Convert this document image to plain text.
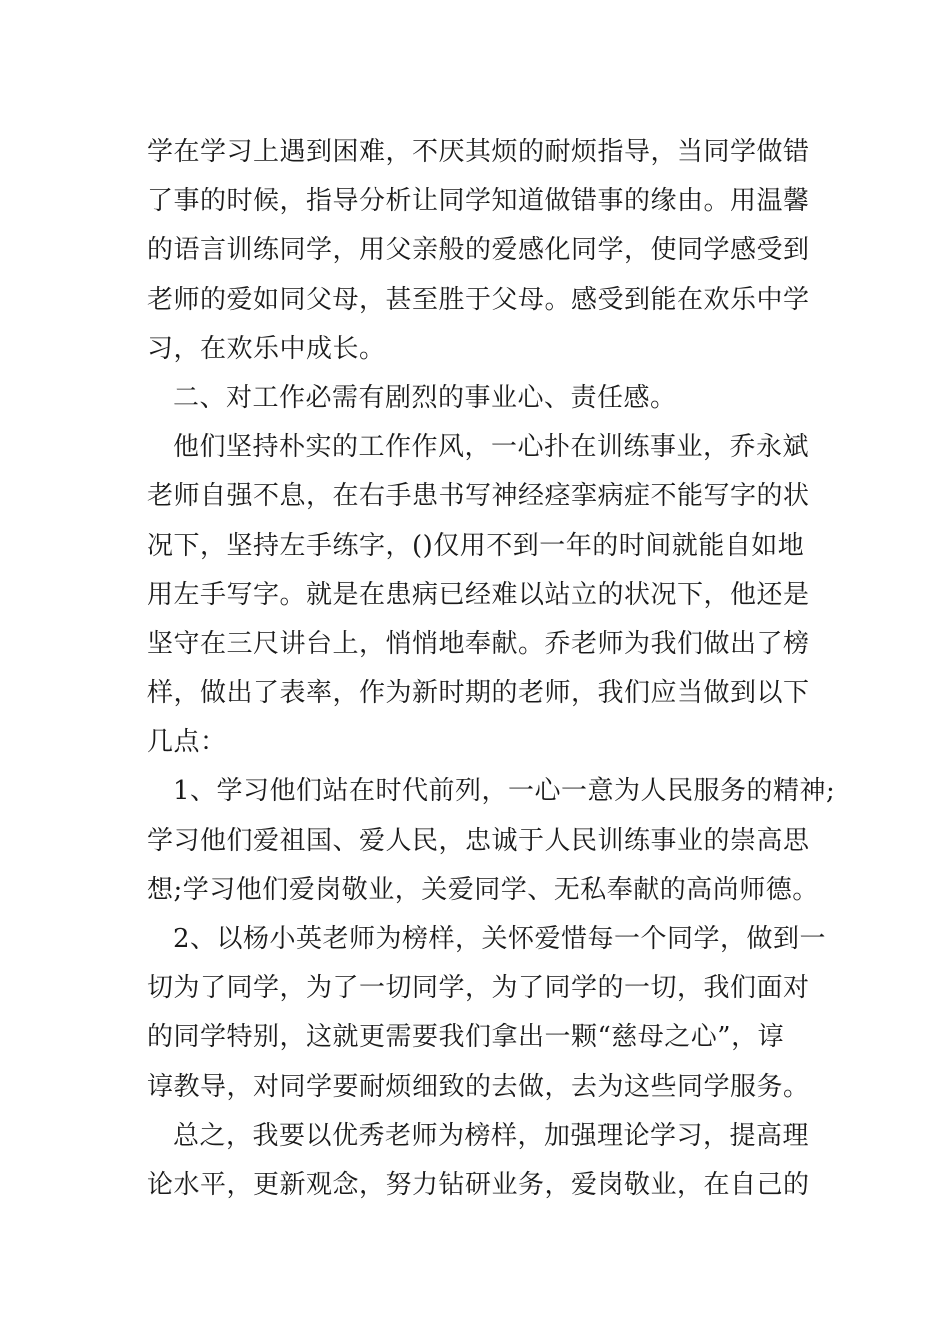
学在学习上遇到困难，不厌其烦的耐烦指导，当同学做错
了事的时候，指导分析让同学知道做错事的缘由。用温馨
的语言训练同学，用父亲般的爱感化同学，使同学感受到
老师的爱如同父母，甚至胜于父母。感受到能在欢乐中学
习，在欢乐中成长。
二、对工作必需有剧烈的事业心、责任感。
他们坚持朴实的工作作风，一心扑在训练事业，乔永斌
老师自强不息，在右手患书写神经痉挛病症不能写字的状
况下，坚持左手练字，()仅用不到一年的时间就能自如地
用左手写字。就是在患病已经难以站立的状况下，他还是
坚守在三尺讲台上，悄悄地奉献。乔老师为我们做出了榜
样，做出了表率，作为新时期的老师，我们应当做到以下
几点：
1、学习他们站在时代前列，一心一意为人民服务的精神;
学习他们爱祖国、爱人民，忠诚于人民训练事业的崇高思
想;学习他们爱岗敬业，关爱同学、无私奉献的高尚师德。
2、以杨小英老师为榜样，关怀爱惜每一个同学，做到一
切为了同学，为了一切同学，为了同学的一切，我们面对
的同学特别，这就更需要我们拿出一颗“慈母之心”，谆
谆教导，对同学要耐烦细致的去做，去为这些同学服务。
总之，我要以优秀老师为榜样，加强理论学习，提高理
论水平，更新观念，努力钻研业务，爱岗敬业，在自己的
